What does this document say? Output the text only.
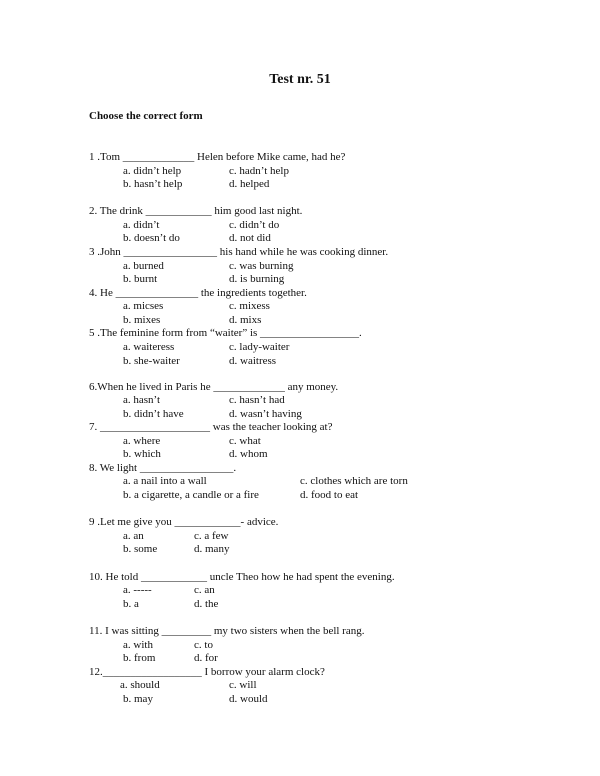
Test nr. 51
Choose the correct form
1 .Tom _____________ Helen before Mike came, had he?
a. didn’t help	c. hadn’t help
b. hasn’t help	d. helped
2. The drink ____________ him good last night.
a. didn’t	c. didn’t do
b. doesn’t do	d. not did
3 .John _________________ his hand while he was cooking dinner.
a. burned	c. was burning
b. burnt	d. is burning
4. He _______________ the ingredients together.
a. micses	c. mixess
b. mixes	d. mixs
5 .The feminine form from “waiter” is __________________.
a. waiteress	c. lady-waiter
b. she-waiter	d. waitress
6.When he lived in Paris he _____________ any money.
a. hasn’t	c. hasn’t had
b. didn’t have	d. wasn’t having
7. ____________________ was the teacher looking at?
a. where	c. what
b. which	d. whom
8. We light _________________.
a. a nail into a wall	c. clothes which are torn
b. a cigarette, a candle or a fire	d. food to eat
9 .Let me give you ____________- advice.
a. an	c. a few
b. some	d. many
10. He told ____________ uncle Theo how he had spent the evening.
a. -----	c. an
b. a	d. the
11. I was sitting _________ my two sisters when the bell rang.
a. with	c. to
b. from	d. for
12.__________________ I borrow your alarm clock?
a. should	c. will
b. may	d. would
